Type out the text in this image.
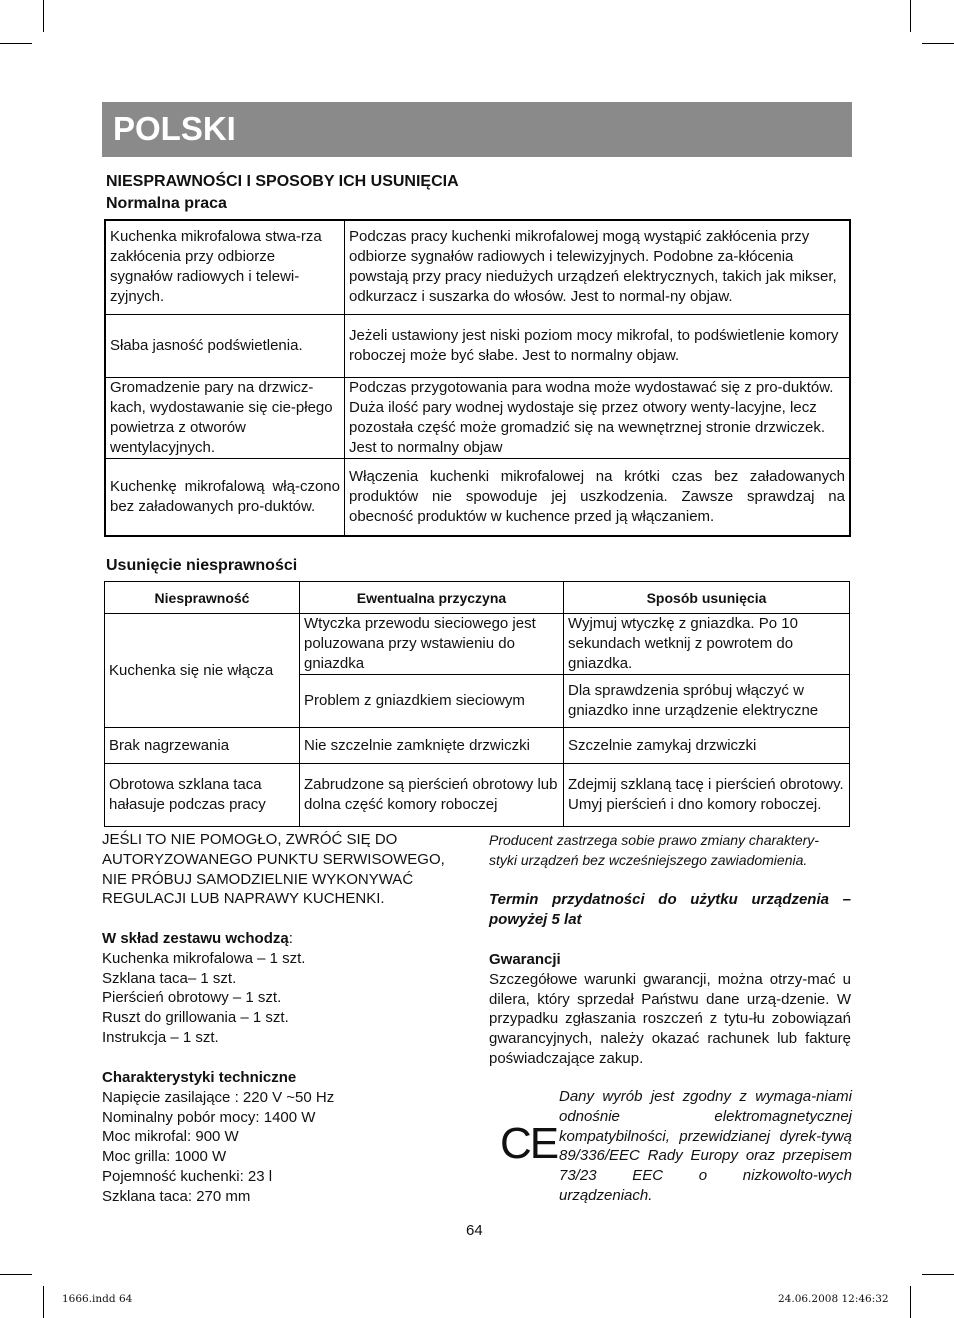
POLSKI
NIESPRAWNOŚCI I SPOSOBY ICH USUNIĘCIA
Normalna praca
Kuchenka mikrofalowa stwa-rza zakłócenia przy odbiorze sygnałów radiowych i telewi-zyjnych.	Podczas pracy kuchenki mikrofalowej mogą wystąpić zakłócenia przy odbiorze sygnałów radiowych i telewizyjnych. Podobne za-kłócenia powstają przy pracy niedużych urządzeń elektrycznych, takich jak mikser, odkurzacz i suszarka do włosów. Jest to normal-ny objaw.
Słaba jasność podświetlenia.	Jeżeli ustawiony jest niski poziom mocy mikrofal, to podświetlenie komory roboczej może być słabe. Jest to normalny objaw.
Gromadzenie pary na drzwicz-kach, wydostawanie się cie-płego powietrza z otworów wentylacyjnych.	Podczas przygotowania para wodna może wydostawać się z pro-duktów. Duża ilość pary wodnej wydostaje się przez otwory wenty-lacyjne, lecz pozostała część może gromadzić się na wewnętrznej stronie drzwiczek. Jest to normalny objaw
Kuchenkę mikrofalową włą-czono bez załadowanych pro-duktów.	Włączenia kuchenki mikrofalowej na krótki czas bez załadowanych produktów nie spowoduje jej uszkodzenia. Zawsze sprawdzaj na obecność produktów w kuchence przed ją włączaniem.
Usunięcie niesprawności
Niesprawność	Ewentualna przyczyna	Sposób usunięcia
Kuchenka się nie włącza	Wtyczka przewodu sieciowego jest poluzowana przy wstawieniu do gniazdka	Wyjmuj wtyczkę z gniazdka. Po 10 sekundach wetknij z powrotem do gniazdka.
	Problem z gniazdkiem sieciowym	Dla sprawdzenia spróbuj włączyć w gniazdko inne urządzenie elektryczne
Brak nagrzewania	Nie szczelnie zamknięte drzwiczki	Szczelnie zamykaj drzwiczki
Obrotowa szklana taca hałasuje podczas pracy	Zabrudzone są pierścień obrotowy lub dolna część komory roboczej	Zdejmij szklaną tacę i pierścień obrotowy. Umyj pierścień i dno komory roboczej.
JEŚLI TO NIE POMOGŁO, ZWRÓĆ SIĘ DO
AUTORYZOWANEGO PUNKTU SERWISOWEGO,
NIE PRÓBUJ SAMODZIELNIE WYKONYWAĆ
REGULACJI LUB NAPRAWY KUCHENKI.
W skład zestawu wchodzą:
Kuchenka mikrofalowa – 1 szt.
Szklana taca– 1 szt.
Pierścień obrotowy – 1 szt.
Ruszt do grillowania – 1 szt.
Instrukcja – 1 szt.
Charakterystyki techniczne
Napięcie zasilające : 220 V ~50 Hz
Nominalny pobór mocy: 1400 W
Moc mikrofal: 900 W
Moc grilla: 1000 W
Pojemność kuchenki: 23 l
Szklana taca: 270 mm
Producent zastrzega sobie prawo zmiany charaktery-
styki urządzeń bez wcześniejszego zawiadomienia.
Termin przydatności do użytku urządzenia – powyżej 5 lat
Gwarancji
Szczegółowe warunki gwarancji, można otrzy-mać u dilera, który sprzedał Państwu dane urzą-dzenie. W przypadku zgłaszania roszczeń z tytu-łu zobowiązań gwarancyjnych, należy okazać rachunek lub fakturę poświadczające zakup.
CE
Dany wyrób jest zgodny z wymaga-niami odnośnie elektromagnetycznej kompatybilności, przewidzianej dyrek-tywą 89/336/EEC Rady Europy oraz przepisem 73/23 EEC o nizkowolto-wych urządzeniach.
64
1666.indd 64	24.06.2008 12:46:32
